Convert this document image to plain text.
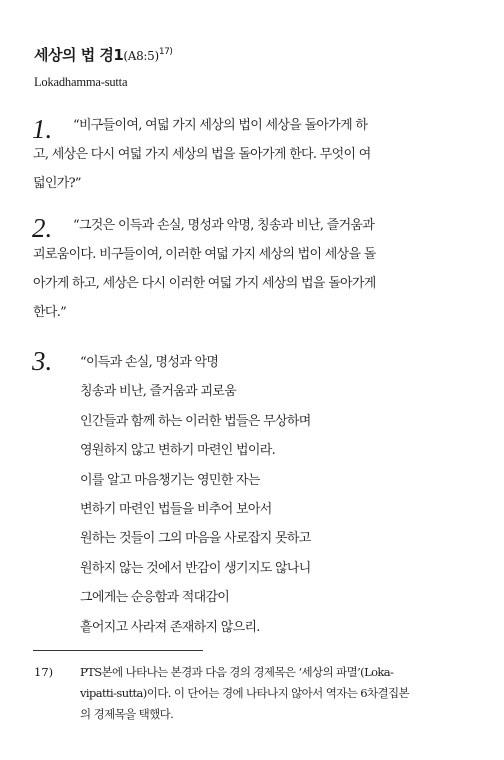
세상의 법 경1(A8:5)$^{17)}$
Lokadhamma-sutta
1.	“비구들이여, 여덟 가지 세상의 법이 세상을 돌아가게 하
고, 세상은 다시 여덟 가지 세상의 법을 돌아가게 한다. 무엇이 여
덟인가?”

2.	“그것은 이득과 손실, 명성과 악명, 칭송과 비난, 즐거움과
괴로움이다. 비구들이여, 이러한 여덟 가지 세상의 법이 세상을 돌
아가게 하고, 세상은 다시 이러한 여덟 가지 세상의 법을 돌아가게
한다.”

3. “이득과 손실, 명성과 악명
칭송과 비난, 즐거움과 괴로움
인간들과 함께 하는 이러한 법들은 무상하며
영원하지 않고 변하기 마련인 법이라.
이를 알고 마음챙기는 영민한 자는
변하기 마련인 법들을 비추어 보아서
원하는 것들이 그의 마음을 사로잡지 못하고
원하지 않는 것에서 반감이 생기지도 않나니
그에게는 순응함과 적대감이
흩어지고 사라져 존재하지 않으리.
17) PTS본에 나타나는 본경과 다음 경의 경제목은 ‘세상의 파멸’(Loka-
vipatti-sutta)이다. 이 단어는 경에 나타나지 않아서 역자는 6차결집본
의 경제목을 택했다.
